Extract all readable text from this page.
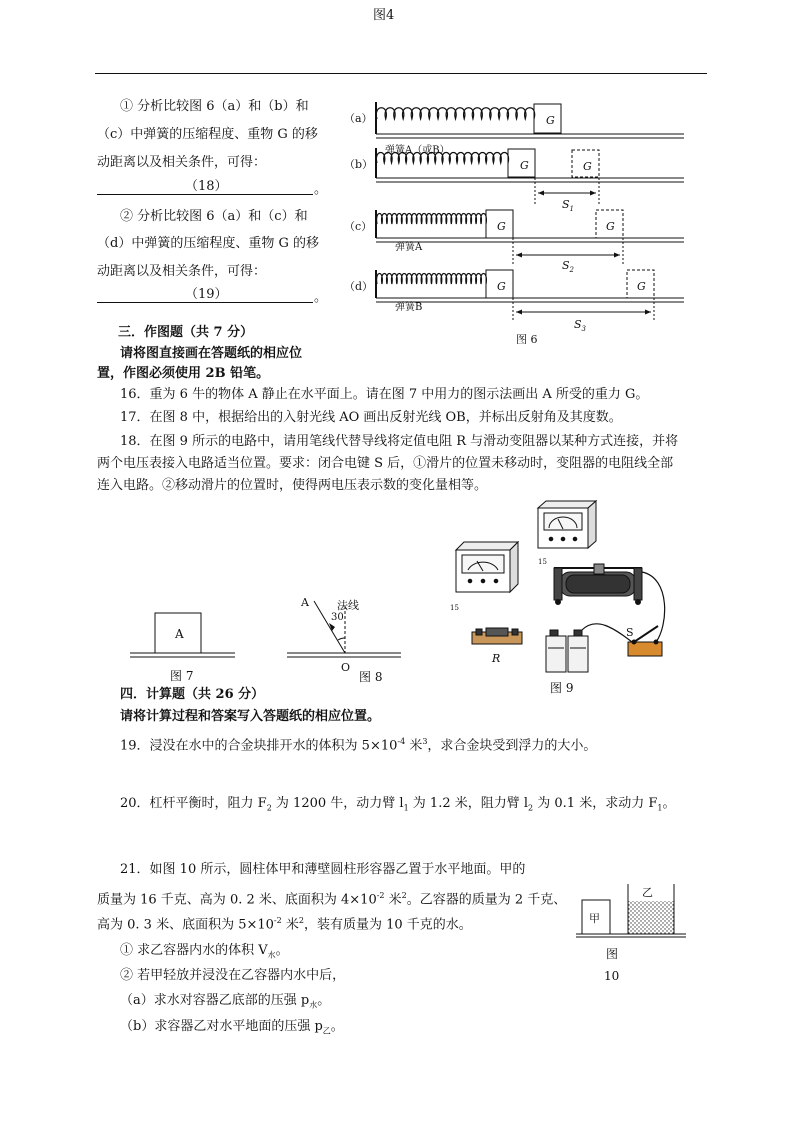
图4
① 分析比较图 6（a）和（b）和
（c）中弹簧的压缩程度、重物 G 的移
动距离以及相关条件，可得：
（18）	。
② 分析比较图 6（a）和（c）和
（d）中弹簧的压缩程度、重物 G 的移
动距离以及相关条件，可得：
（19）	。
（a）
（b）
（c）
（d）
G
G	G
G	G
G	G
弹簧A（或B）
弹簧A
弹簧B
$S_1$
$S_2$
$S_3$
图 6
三．作图题（共 7 分）
请将图直接画在答题纸的相应位
置，作图必须使用 2B 铅笔。
16．重为 6 牛的物体 A 静止在水平面上。请在图 7 中用力的图示法画出 A 所受的重力 G。
17．在图 8 中，根据给出的入射光线 AO 画出反射光线 OB，并标出反射角及其度数。
18．在图 9 所示的电路中，请用笔线代替导线将定值电阻 R 与滑动变阻器以某种方式连接，并将
两个电压表接入电路适当位置。要求：闭合电键 S 后，①滑片的位置未移动时，变阻器的电阻线全部
连入电路。②移动滑片的位置时，使得两电压表示数的变化量相等。
A
图 7
法线
A
30
O
图 8
15
15
R
S
图 9
四．计算题（共 26 分）
请将计算过程和答案写入答题纸的相应位置。
19．浸没在水中的合金块排开水的体积为 $5\times 10^{-4}$ 米$^3$，求合金块受到浮力的大小。
20．杠杆平衡时，阻力 $F_2$ 为 1200 牛，动力臂 $l_1$ 为 1.2 米，阻力臂 $l_2$ 为 0.1 米，求动力 $F_1$。
21．如图 10 所示，圆柱体甲和薄壁圆柱形容器乙置于水平地面。甲的
质量为 16 千克、高为 0. 2 米、底面积为 $4\times 10^{-2}$ 米$^2$。乙容器的质量为 2 千克、
高为 0. 3 米、底面积为 $5\times 10^{-2}$ 米$^2$，装有质量为 10 千克的水。
① 求乙容器内水的体积 $V_水$。
② 若甲轻放并浸没在乙容器内水中后，
（a）求水对容器乙底部的压强 $p_水$。
（b）求容器乙对水平地面的压强 $p_乙$。
甲
乙
图
10
